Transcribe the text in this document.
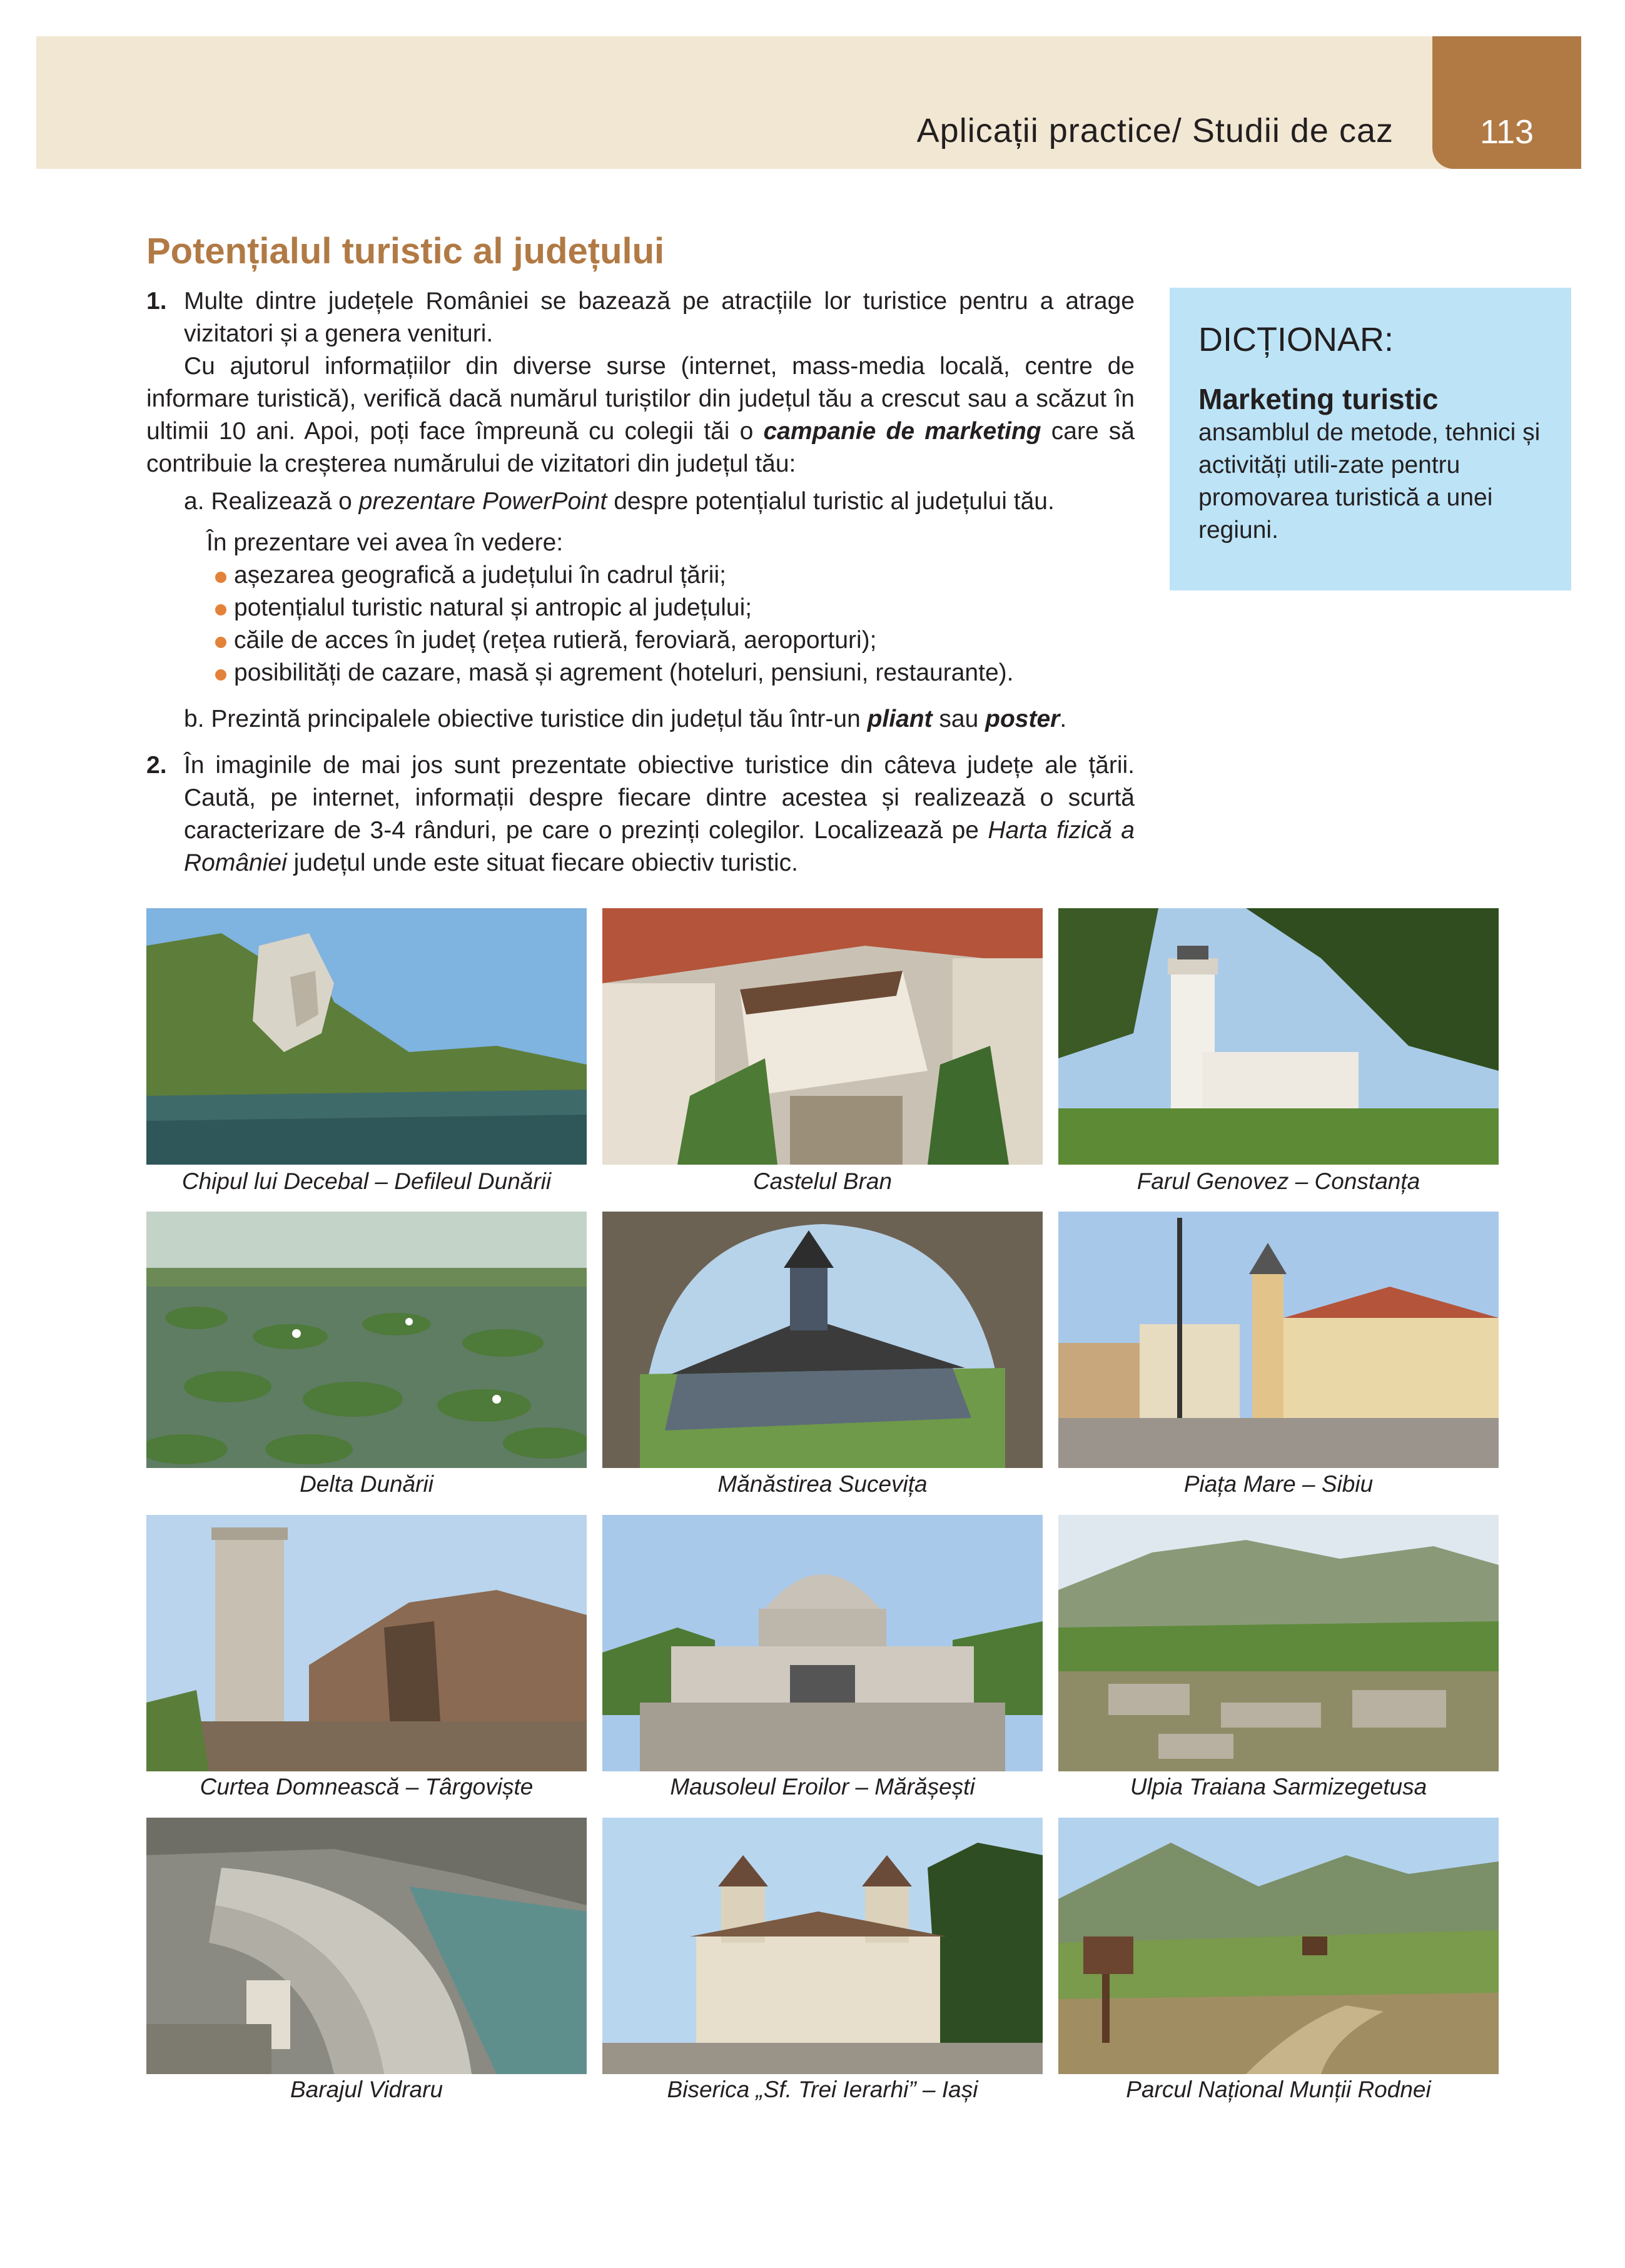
Aplicații practice/ Studii de caz	113
Potențialul turistic al județului

1. Multe dintre județele României se bazează pe atracțiile lor turistice pentru a atrage vizitatori și a genera venituri.

Cu ajutorul informațiilor din diverse surse (internet, mass-media locală, centre de informare turistică), verifică dacă numărul turiștilor din județul tău a crescut sau a scăzut în ultimii 10 ani. Apoi, poți face împreună cu colegii tăi o campanie de marketing care să contribuie la creșterea numărului de vizitatori din județul tău:

a. Realizează o prezentare PowerPoint despre potențialul turistic al județului tău.

În prezentare vei avea în vedere:

așezarea geografică a județului în cadrul țării;
potențialul turistic natural și antropic al județului;
căile de acces în județ (rețea rutieră, feroviară, aeroporturi);
posibilități de cazare, masă și agrement (hoteluri, pensiuni, restaurante).

b. Prezintă principalele obiective turistice din județul tău într-un pliant sau poster.

2. În imaginile de mai jos sunt prezentate obiective turistice din câteva județe ale țării. Caută, pe internet, informații despre fiecare dintre acestea și realizează o scurtă caracterizare de 3-4 rânduri, pe care o prezinți colegilor. Localizează pe Harta fizică a României județul unde este situat fiecare obiectiv turistic.

DICȚIONAR:

Marketing turistic

ansamblul de metode, tehnici și activități utili-zate pentru promovarea turistică a unei regiuni.

Chipul lui Decebal – Defileul Dunării	Castelul Bran	Farul Genovez – Constanța
Delta Dunării	Mănăstirea Sucevița	Piața Mare – Sibiu
Curtea Domnească – Târgoviște	Mausoleul Eroilor – Mărășești	Ulpia Traiana Sarmizegetusa
Barajul Vidraru	Biserica „Sf. Trei Ierarhi” – Iași	Parcul Național Munții Rodnei
